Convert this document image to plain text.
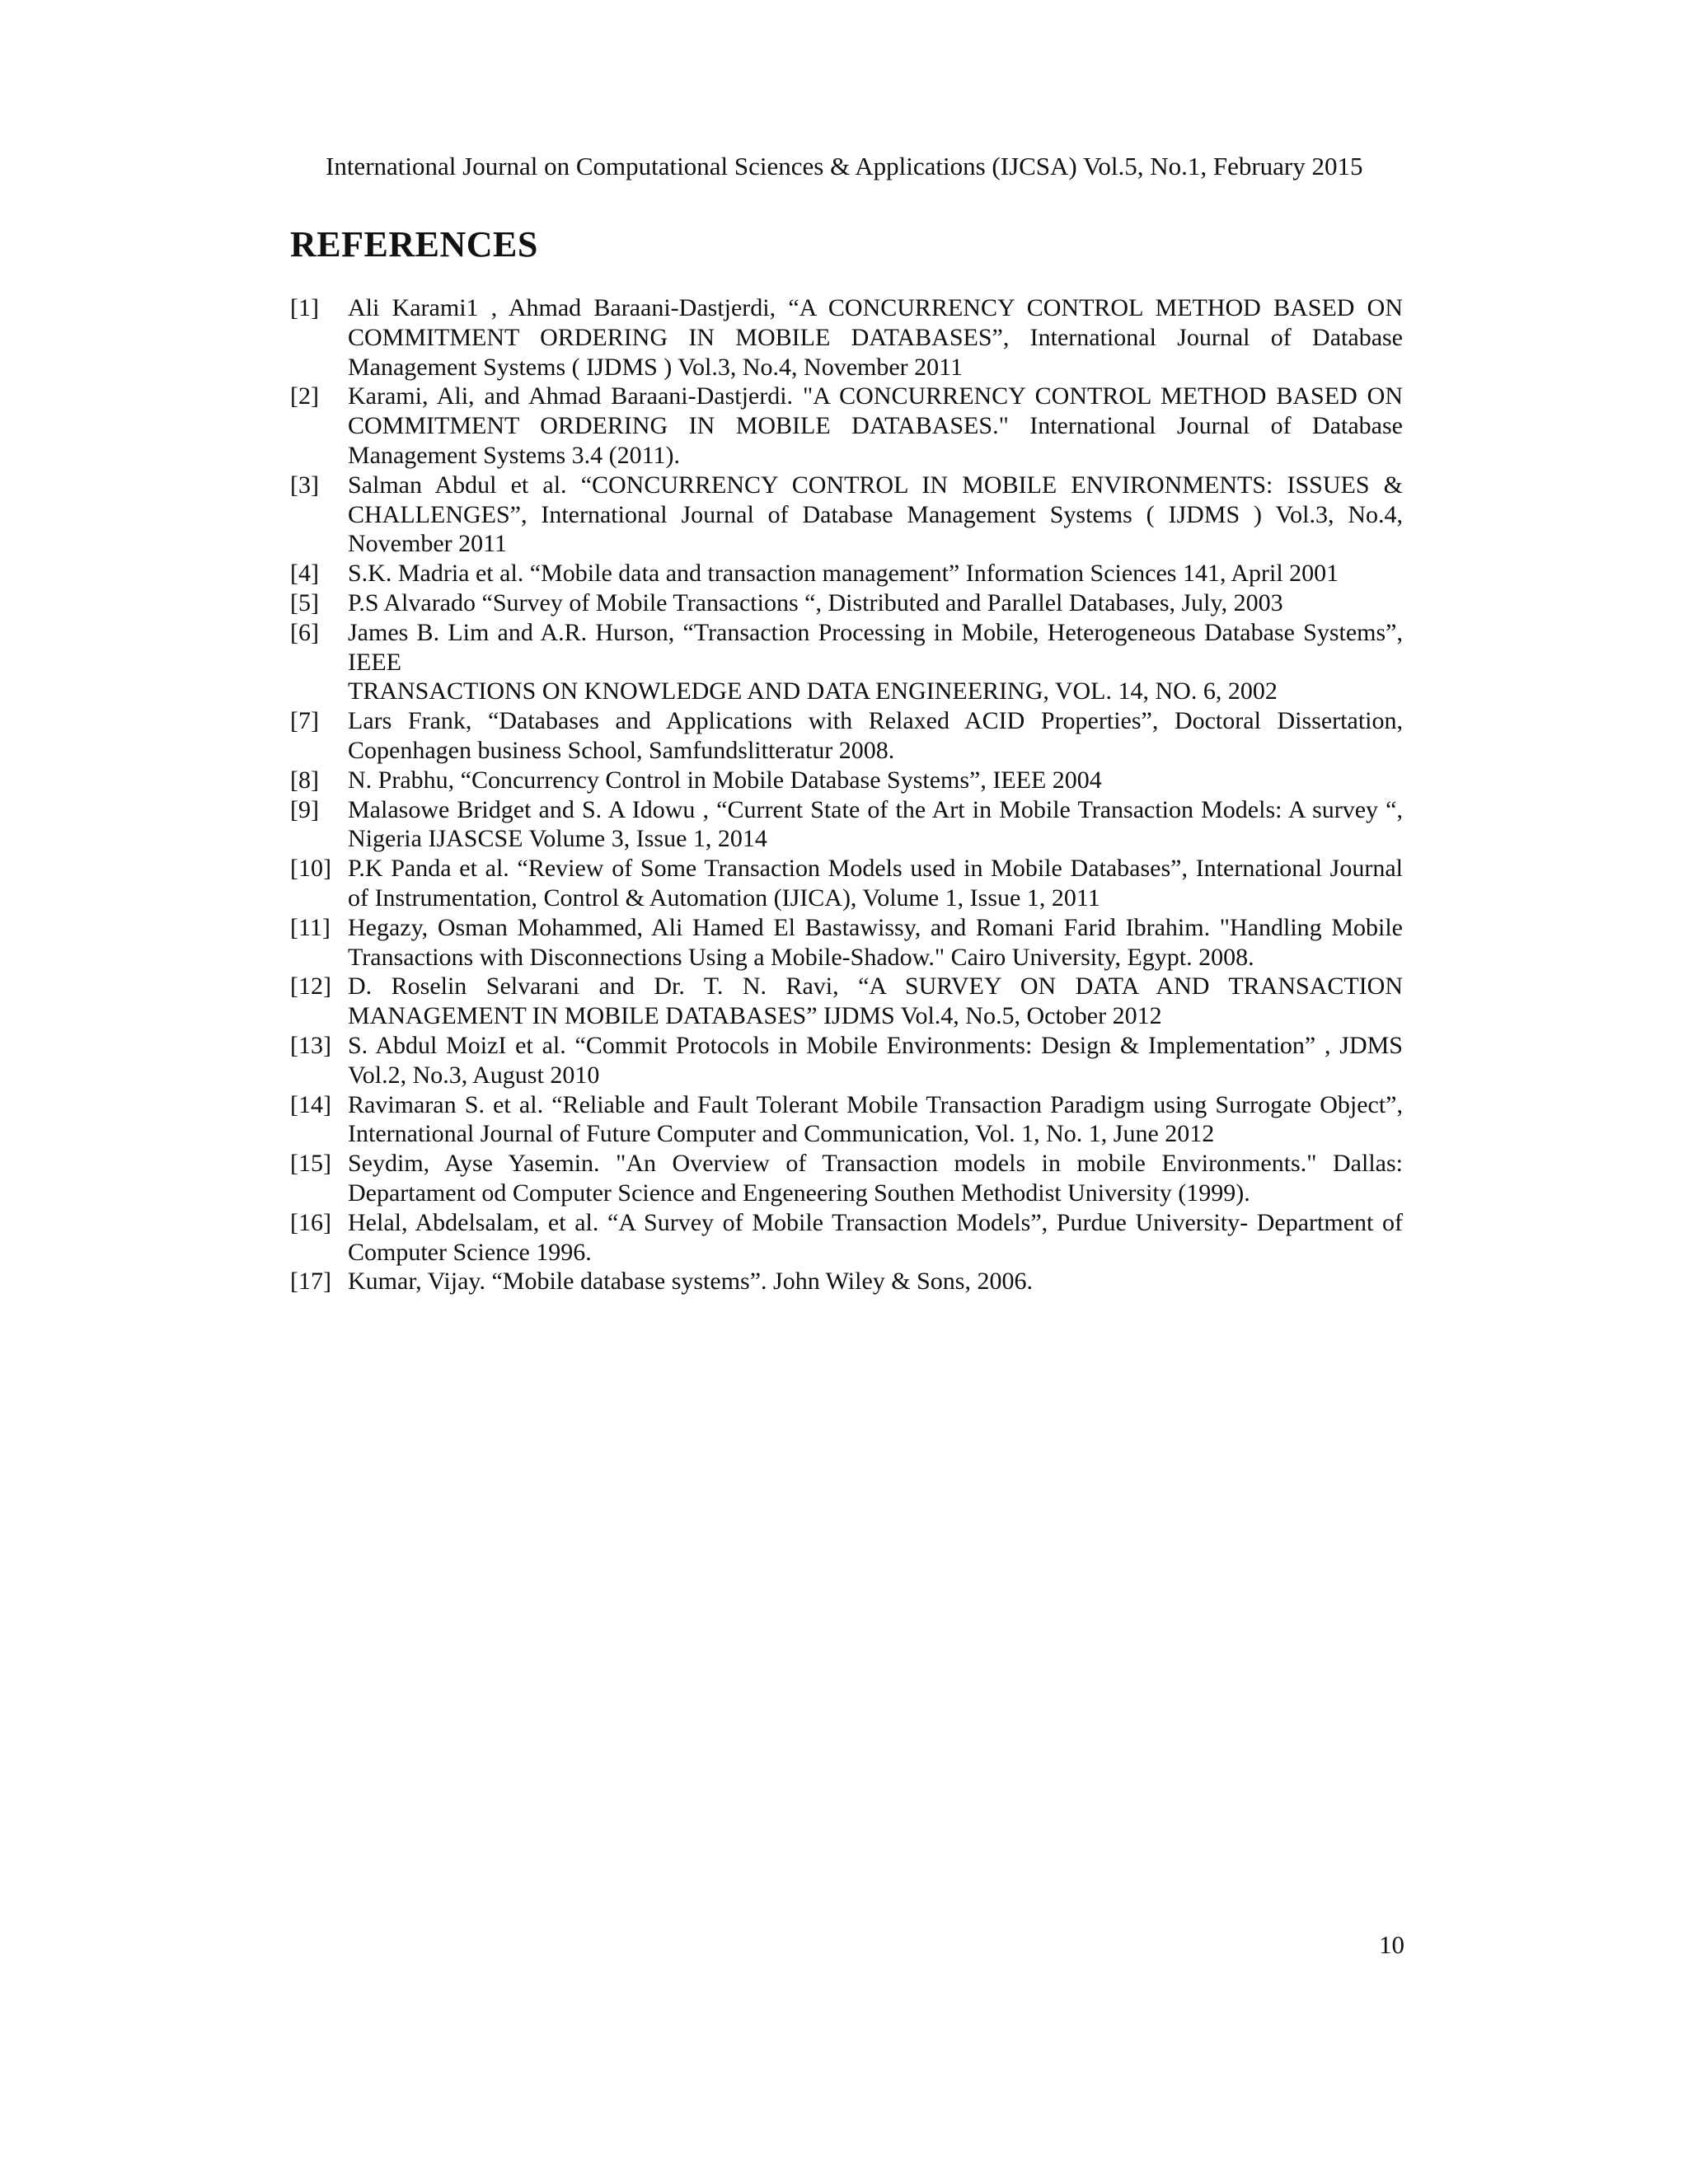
International Journal on Computational Sciences & Applications (IJCSA) Vol.5, No.1, February 2015
REFERENCES
[1] Ali Karami1 , Ahmad Baraani-Dastjerdi, “A CONCURRENCY CONTROL METHOD BASED ON COMMITMENT ORDERING IN MOBILE DATABASES”, International Journal of Database Management Systems ( IJDMS ) Vol.3, No.4, November 2011
[2] Karami, Ali, and Ahmad Baraani-Dastjerdi. "A CONCURRENCY CONTROL METHOD BASED ON COMMITMENT ORDERING IN MOBILE DATABASES." International Journal of Database Management Systems 3.4 (2011).
[3] Salman Abdul et al. “CONCURRENCY CONTROL IN MOBILE ENVIRONMENTS: ISSUES & CHALLENGES”, International Journal of Database Management Systems ( IJDMS ) Vol.3, No.4, November 2011
[4] S.K. Madria et al. “Mobile data and transaction management” Information Sciences 141, April 2001
[5] P.S Alvarado “Survey of Mobile Transactions “, Distributed and Parallel Databases, July, 2003
[6] James B. Lim and A.R. Hurson, “Transaction Processing in Mobile, Heterogeneous Database Systems”, IEEE
TRANSACTIONS ON KNOWLEDGE AND DATA ENGINEERING, VOL. 14, NO. 6, 2002
[7] Lars Frank, “Databases and Applications with Relaxed ACID Properties”, Doctoral Dissertation, Copenhagen business School, Samfundslitteratur 2008.
[8] N. Prabhu, “Concurrency Control in Mobile Database Systems”, IEEE 2004
[9] Malasowe Bridget and S. A Idowu , “Current State of the Art in Mobile Transaction Models: A survey “, Nigeria IJASCSE Volume 3, Issue 1, 2014
[10] P.K Panda et al. “Review of Some Transaction Models used in Mobile Databases”, International Journal of Instrumentation, Control & Automation (IJICA), Volume 1, Issue 1, 2011
[11] Hegazy, Osman Mohammed, Ali Hamed El Bastawissy, and Romani Farid Ibrahim. "Handling Mobile Transactions with Disconnections Using a Mobile-Shadow." Cairo University, Egypt. 2008.
[12] D. Roselin Selvarani and Dr. T. N. Ravi, “A SURVEY ON DATA AND TRANSACTION MANAGEMENT IN MOBILE DATABASES” IJDMS Vol.4, No.5, October 2012
[13] S. Abdul MoizI et al. “Commit Protocols in Mobile Environments: Design & Implementation” , JDMS Vol.2, No.3, August 2010
[14] Ravimaran S. et al. “Reliable and Fault Tolerant Mobile Transaction Paradigm using Surrogate Object”, International Journal of Future Computer and Communication, Vol. 1, No. 1, June 2012
[15] Seydim, Ayse Yasemin. "An Overview of Transaction models in mobile Environments." Dallas: Departament od Computer Science and Engeneering Southen Methodist University (1999).
[16] Helal, Abdelsalam, et al. “A Survey of Mobile Transaction Models”, Purdue University- Department of Computer Science 1996.
[17] Kumar, Vijay. “Mobile database systems”. John Wiley & Sons, 2006.
10
